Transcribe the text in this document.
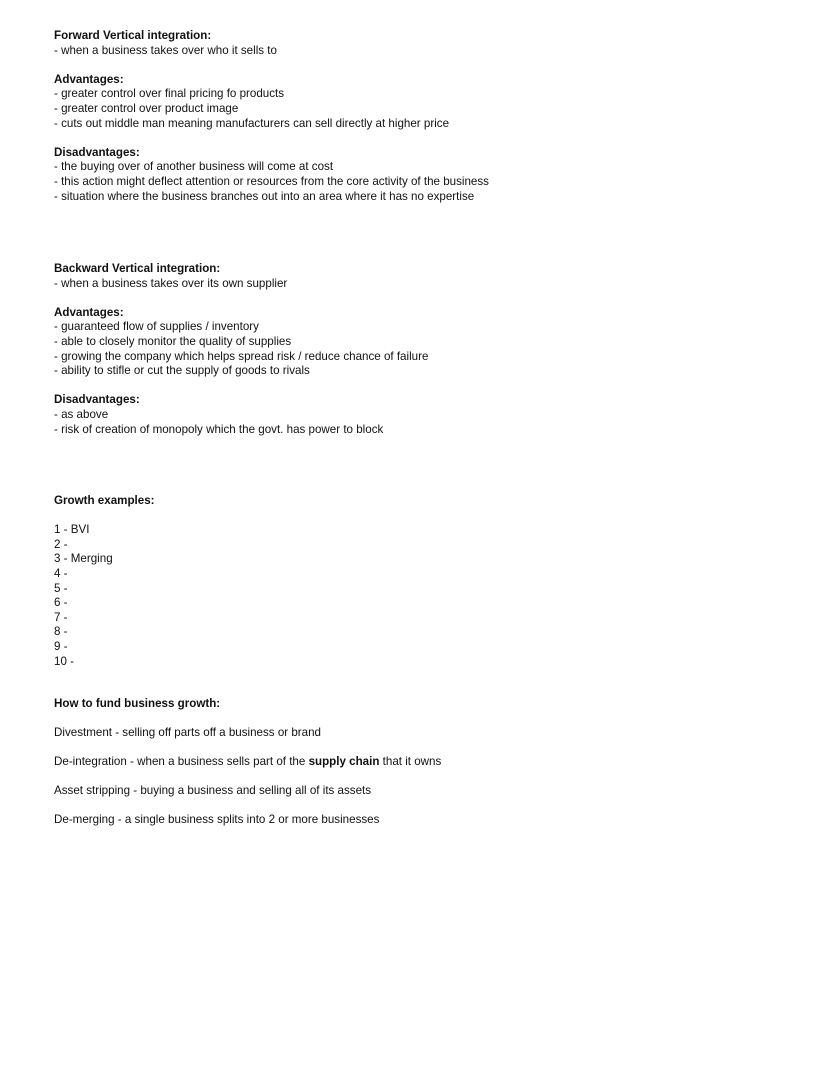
Forward Vertical integration:
- when a business takes over who it sells to
Advantages:
- greater control over final pricing fo products
- greater control over product image
- cuts out middle man meaning manufacturers can sell directly at higher price
Disadvantages:
- the buying over of another business will come at cost
- this action might deflect attention or resources from the core activity of the business
- situation where the business branches out into an area where it has no expertise
Backward Vertical integration:
- when a business takes over its own supplier
Advantages:
- guaranteed flow of supplies / inventory
- able to closely monitor the quality of supplies
- growing the company which helps spread risk / reduce chance of failure
- ability to stifle or cut the supply of goods to rivals
Disadvantages:
- as above
- risk of creation of monopoly which the govt. has power to block
Growth examples:
1 - BVI
2 -
3 - Merging
4 -
5 -
6 -
7 -
8 -
9 -
10 -
How to fund business growth:
Divestment - selling off parts off a business or brand
De-integration - when a business sells part of the supply chain that it owns
Asset stripping - buying a business and selling all of its assets
De-merging - a single business splits into 2 or more businesses
